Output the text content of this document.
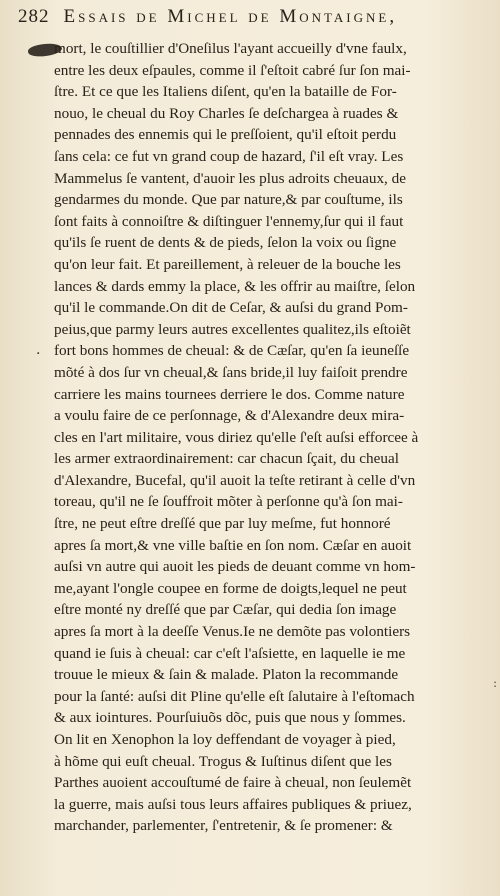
282 Essais de Michel de Montaigne,
.
:
mort, le couſtillier d'Oneſilus l'ayant accueilly d'vne faulx,
entre les deux eſpaules, comme il ſ'eſtoit cabré ſur ſon mai-
ſtre. Et ce que les Italiens diſent, qu'en la bataille de For-
nouo, le cheual du Roy Charles ſe deſchargea à ruades &
pennades des ennemis qui le preſſoient, qu'il eſtoit perdu
ſans cela: ce fut vn grand coup de hazard, ſ'il eſt vray. Les
Mammelus ſe vantent, d'auoir les plus adroits cheuaux, de
gendarmes du monde. Que par nature,& par couſtume, ils
ſont faits à connoiſtre & diſtinguer l'ennemy,ſur qui il faut
qu'ils ſe ruent de dents & de pieds, ſelon la voix ou ſigne
qu'on leur fait. Et pareillement, à releuer de la bouche les
lances & dards emmy la place, & les offrir au maiſtre, ſelon
qu'il le commande.On dit de Ceſar, & auſsi du grand Pom-
peius,que parmy leurs autres excellentes qualitez,ils eſtoiẽt
fort bons hommes de cheual: & de Cæſar, qu'en ſa ieuneſſe
mõté à dos ſur vn cheual,& ſans bride,il luy faiſoit prendre
carriere les mains tournees derriere le dos. Comme nature
a voulu faire de ce perſonnage, & d'Alexandre deux mira-
cles en l'art militaire, vous diriez qu'elle ſ'eſt auſsi efforcee à
les armer extraordinairement: car chacun ſçait, du cheual
d'Alexandre, Bucefal, qu'il auoit la teſte retirant à celle d'vn
toreau, qu'il ne ſe ſouffroit mõter à perſonne qu'à ſon mai-
ſtre, ne peut eſtre dreſſé que par luy meſme, fut honnoré
apres ſa mort,& vne ville baſtie en ſon nom. Cæſar en auoit
auſsi vn autre qui auoit les pieds de deuant comme vn hom-
me,ayant l'ongle coupee en forme de doigts,lequel ne peut
eſtre monté ny dreſſé que par Cæſar, qui dedia ſon image
apres ſa mort à la deeſſe Venus.Ie ne demõte pas volontiers
quand ie ſuis à cheual: car c'eſt l'aſsiette, en laquelle ie me
trouue le mieux & ſain & malade. Platon la recommande
pour la ſanté: auſsi dit Pline qu'elle eſt ſalutaire à l'eſtomach
& aux iointures. Pourſuiuõs dõc, puis que nous y ſommes.
On lit en Xenophon la loy deffendant de voyager à pied,
à hõme qui euſt cheual. Trogus & Iuſtinus diſent que les
Parthes auoient accouſtumé de faire à cheual, non ſeulemẽt
la guerre, mais auſsi tous leurs affaires publiques & priuez,
marchander, parlementer, ſ'entretenir, & ſe promener: &
